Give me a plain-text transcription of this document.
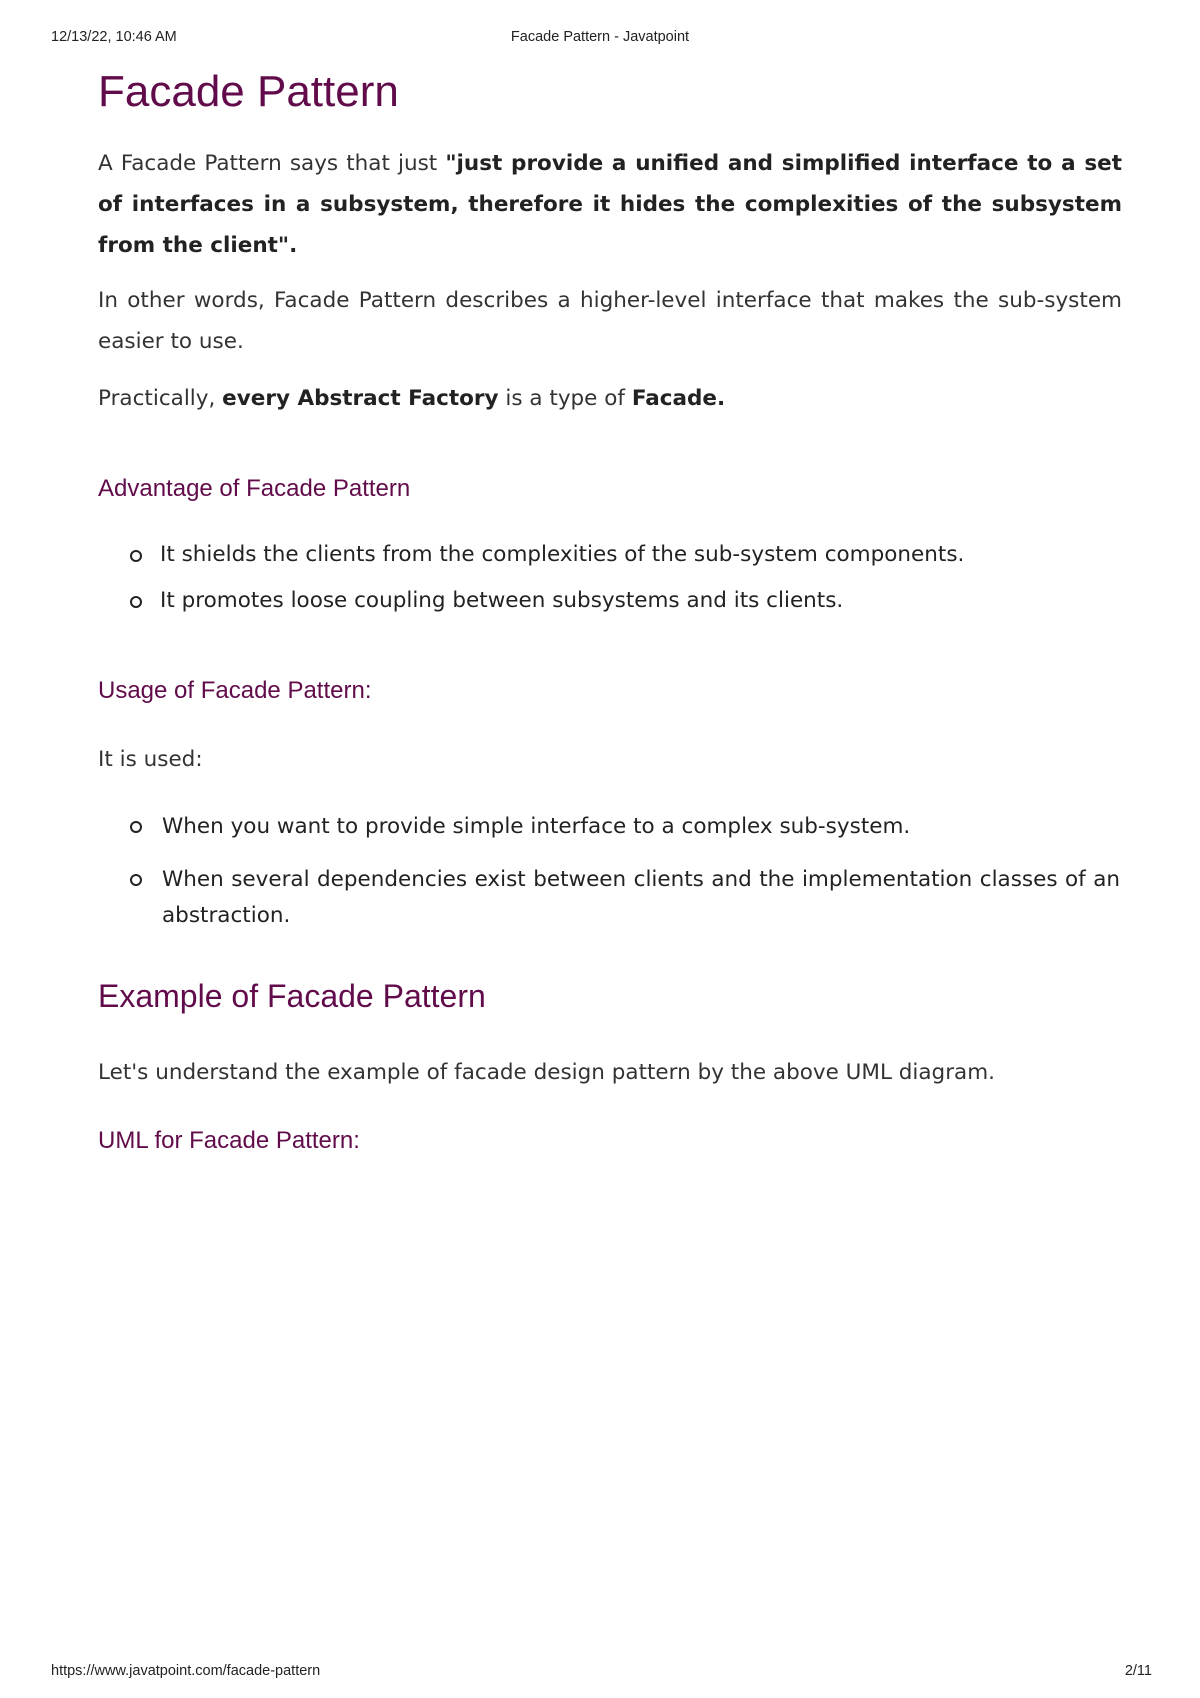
12/13/22, 10:46 AM	Facade Pattern - Javatpoint
Facade Pattern

A Facade Pattern says that just "just provide a unified and simplified interface to a set of interfaces in a subsystem, therefore it hides the complexities of the subsystem from the client".

In other words, Facade Pattern describes a higher-level interface that makes the sub-system easier to use.

Practically, every Abstract Factory is a type of Facade.

Advantage of Facade Pattern
It shields the clients from the complexities of the sub-system components.
It promotes loose coupling between subsystems and its clients.
Usage of Facade Pattern:

It is used:

When you want to provide simple interface to a complex sub-system.
When several dependencies exist between clients and the implementation classes of an abstraction.
Example of Facade Pattern

Let's understand the example of facade design pattern by the above UML diagram.

UML for Facade Pattern:
https://www.javatpoint.com/facade-pattern	2/11
